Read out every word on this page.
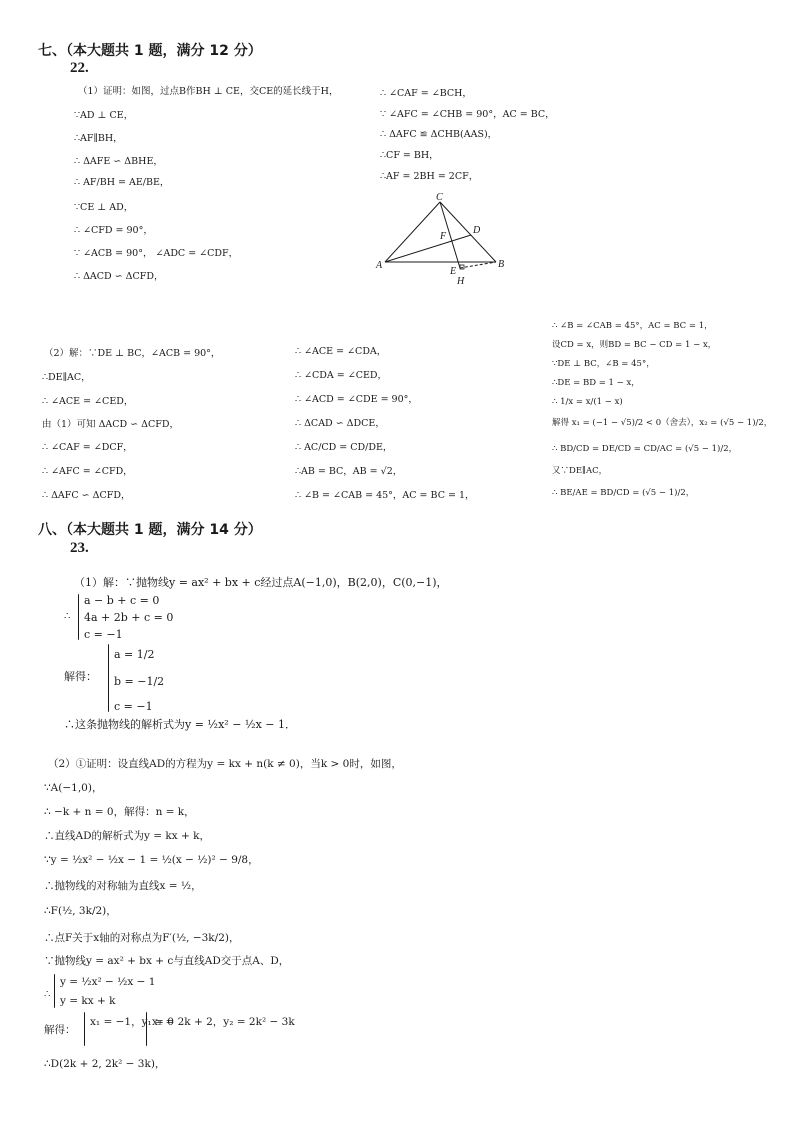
七、（本大题共 1 题，满分 12 分）
22.
（1）证明：如图，过点B作BH ⊥ CE，交CE的延长线于H，
∵AD ⊥ CE，
∴AF∥BH，
∴ ΔAFE ∽ ΔBHE，
∴ AF/BH = AE/BE，
∵CE ⊥ AD，
∴ ∠CFD = 90°，
∵ ∠ACB = 90°， ∠ADC = ∠CDF，
∴ ΔACD ∽ ΔCFD，
∴ ∠CAF = ∠BCH，
∵ ∠AFC = ∠CHB = 90°，AC = BC，
∴ ΔAFC ≌ ΔCHB(AAS)，
∴CF = BH，
∴AF = 2BH = 2CF，
C
D
F
A
E
B
H
（2）解：∵DE ⊥ BC，∠ACB = 90°，
∴DE∥AC，
∴ ∠ACE = ∠CED，
由（1）可知 ΔACD ∽ ΔCFD，
∴ ∠CAF = ∠DCF，
∴ ∠AFC = ∠CFD，
∴ ΔAFC ∽ ΔCFD，
∴ ∠ACE = ∠CDA，
∴ ∠CDA = ∠CED，
∴ ∠ACD = ∠CDE = 90°，
∴ ΔCAD ∽ ΔDCE，
∴ AC/CD = CD/DE，
∴AB = BC，AB = √2，
∴ ∠B = ∠CAB = 45°，AC = BC = 1，
∴ ∠B = ∠CAB = 45°，AC = BC = 1，
设CD = x，则BD = BC − CD = 1 − x，
∵DE ⊥ BC，∠B = 45°，
∴DE = BD = 1 − x，
∴ 1/x = x/(1 − x)
解得 x₁ = (−1 − √5)/2 < 0（舍去），x₂ = (√5 − 1)/2，
∴ BD/CD = DE/CD = CD/AC = (√5 − 1)/2，
又∵DE∥AC，
∴ BE/AE = BD/CD = (√5 − 1)/2，
八、（本大题共 1 题，满分 14 分）
23.
（1）解：∵抛物线y = ax² + bx + c经过点A(−1,0)，B(2,0)，C(0,−1)，
∴
a − b + c = 0
4a + 2b + c = 0
c = −1
解得：
a = 1/2
b = −1/2
c = −1
∴这条抛物线的解析式为y = ½x² − ½x − 1．
（2）①证明：设直线AD的方程为y = kx + n(k ≠ 0)，当k > 0时，如图，
∵A(−1,0)，
∴ −k + n = 0，解得：n = k，
∴直线AD的解析式为y = kx + k，
∵y = ½x² − ½x − 1 = ½(x − ½)² − 9/8，
∴抛物线的对称轴为直线x = ½，
∴F(½, 3k/2)，
∴点F关于x轴的对称点为F′(½, −3k/2)，
∵抛物线y = ax² + bx + c与直线AD交于点A、D，
∴
y = ½x² − ½x − 1
y = kx + k
解得：
x₁ = −1，y₁ = 0
x₂ = 2k + 2，y₂ = 2k² − 3k
∴D(2k + 2, 2k² − 3k)，
